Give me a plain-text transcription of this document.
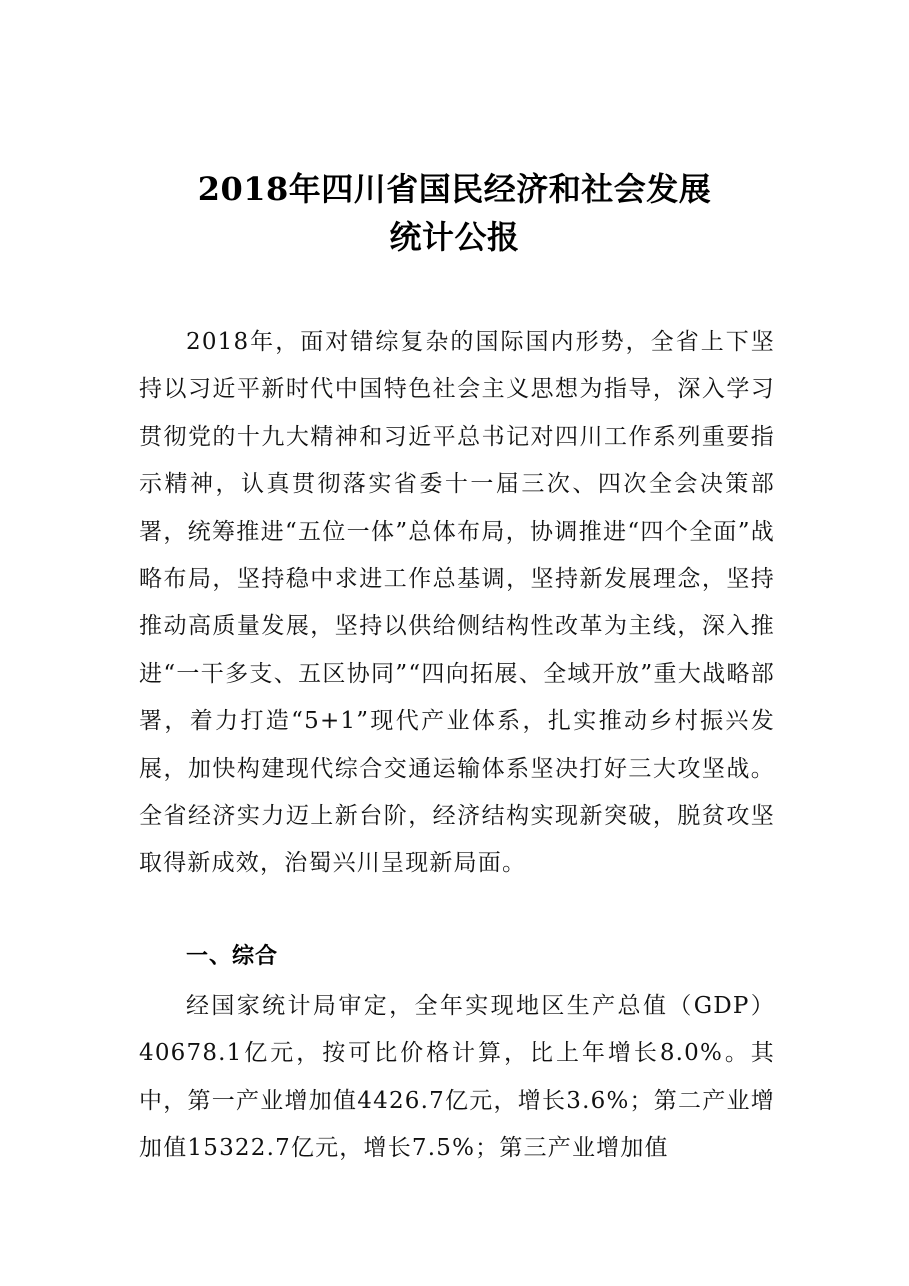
2018年四川省国民经济和社会发展
统计公报

2018年，面对错综复杂的国际国内形势，全省上下坚持以习近平新时代中国特色社会主义思想为指导，深入学习贯彻党的十九大精神和习近平总书记对四川工作系列重要指示精神，认真贯彻落实省委十一届三次、四次全会决策部署，统筹推进“五位一体”总体布局，协调推进“四个全面”战略布局，坚持稳中求进工作总基调，坚持新发展理念，坚持推动高质量发展，坚持以供给侧结构性改革为主线，深入推进“一干多支、五区协同”“四向拓展、全域开放”重大战略部署，着力打造“5+1”现代产业体系，扎实推动乡村振兴发展，加快构建现代综合交通运输体系坚决打好三大攻坚战。全省经济实力迈上新台阶，经济结构实现新突破，脱贫攻坚取得新成效，治蜀兴川呈现新局面。

一、综合

经国家统计局审定，全年实现地区生产总值（GDP）40678.1亿元，按可比价格计算，比上年增长8.0%。其中，第一产业增加值4426.7亿元，增长3.6%；第二产业增加值15322.7亿元，增长7.5%；第三产业增加值
